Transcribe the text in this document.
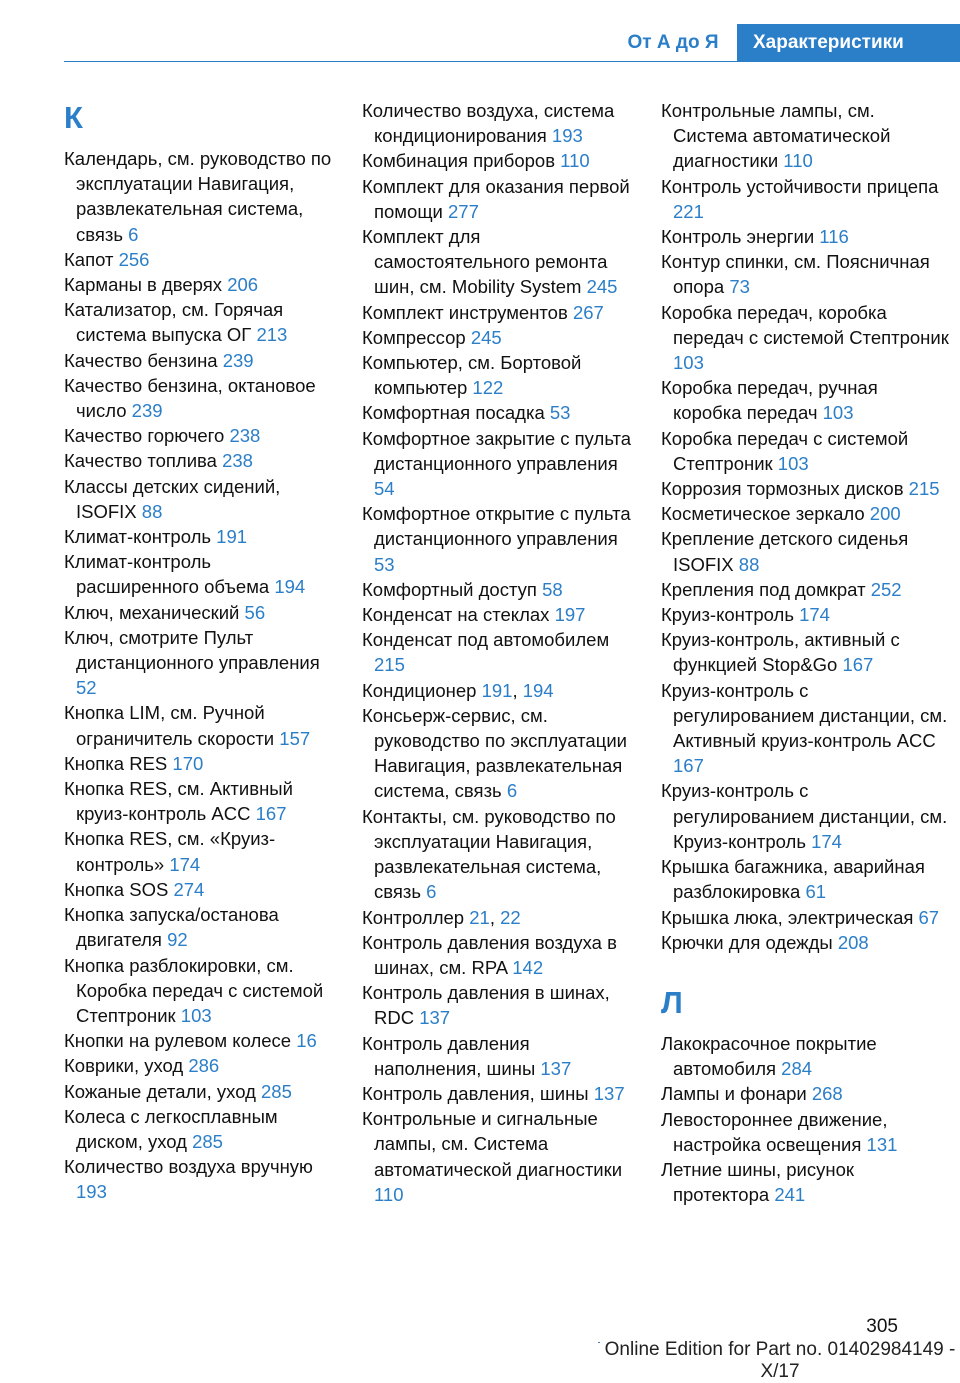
От А до Я	Характеристики
К
Календарь, см. руководство по эксплуатации Навигация, развлекательная система, связь 6
Капот 256
Карманы в дверях 206
Катализатор, см. Горячая система выпуска ОГ 213
Качество бензина 239
Качество бензина, октановое число 239
Качество горючего 238
Качество топлива 238
Классы детских сидений, ISOFIX 88
Климат-контроль 191
Климат-контроль расширенного объема 194
Ключ, механический 56
Ключ, смотрите Пульт дистанционного управления 52
Кнопка LIM, см. Ручной ограничитель скорости 157
Кнопка RES 170
Кнопка RES, см. Активный круиз-контроль ACC 167
Кнопка RES, см. «Круиз-контроль» 174
Кнопка SOS 274
Кнопка запуска/останова двигателя 92
Кнопка разблокировки, см. Коробка передач с системой Стептроник 103
Кнопки на рулевом колесе 16
Коврики, уход 286
Кожаные детали, уход 285
Колеса с легкосплавным диском, уход 285
Количество воздуха вручную 193
Количество воздуха, система кондиционирования 193
Комбинация приборов 110
Комплект для оказания первой помощи 277
Комплект для самостоятельного ремонта шин, см. Mobility System 245
Комплект инструментов 267
Компрессор 245
Компьютер, см. Бортовой компьютер 122
Комфортная посадка 53
Комфортное закрытие с пульта дистанционного управления 54
Комфортное открытие с пульта дистанционного управления 53
Комфортный доступ 58
Конденсат на стеклах 197
Конденсат под автомобилем 215
Кондиционер 191, 194
Консьерж-сервис, см. руководство по эксплуатации Навигация, развлекательная система, связь 6
Контакты, см. руководство по эксплуатации Навигация, развлекательная система, связь 6
Контроллер 21, 22
Контроль давления воздуха в шинах, см. RPA 142
Контроль давления в шинах, RDC 137
Контроль давления наполнения, шины 137
Контроль давления, шины 137
Контрольные и сигнальные лампы, см. Система автоматической диагностики 110
Контрольные лампы, см. Система автоматической диагностики 110
Контроль устойчивости прицепа 221
Контроль энергии 116
Контур спинки, см. Поясничная опора 73
Коробка передач, коробка передач с системой Стептроник 103
Коробка передач, ручная коробка передач 103
Коробка передач с системой Стептроник 103
Коррозия тормозных дисков 215
Косметическое зеркало 200
Крепление детского сиденья ISOFIX 88
Крепления под домкрат 252
Круиз-контроль 174
Круиз-контроль, активный с функцией Stop&Go 167
Круиз-контроль с регулированием дистанции, см. Активный круиз-контроль ACC 167
Круиз-контроль с регулированием дистанции, см. Круиз-контроль 174
Крышка багажника, аварийная разблокировка 61
Крышка люка, электрическая 67
Крючки для одежды 208
Л
Лакокрасочное покрытие автомобиля 284
Лампы и фонари 268
Левостороннее движение, настройка освещения 131
Летние шины, рисунок протектора 241
305
Online Edition for Part no. 01402984149 - X/17
